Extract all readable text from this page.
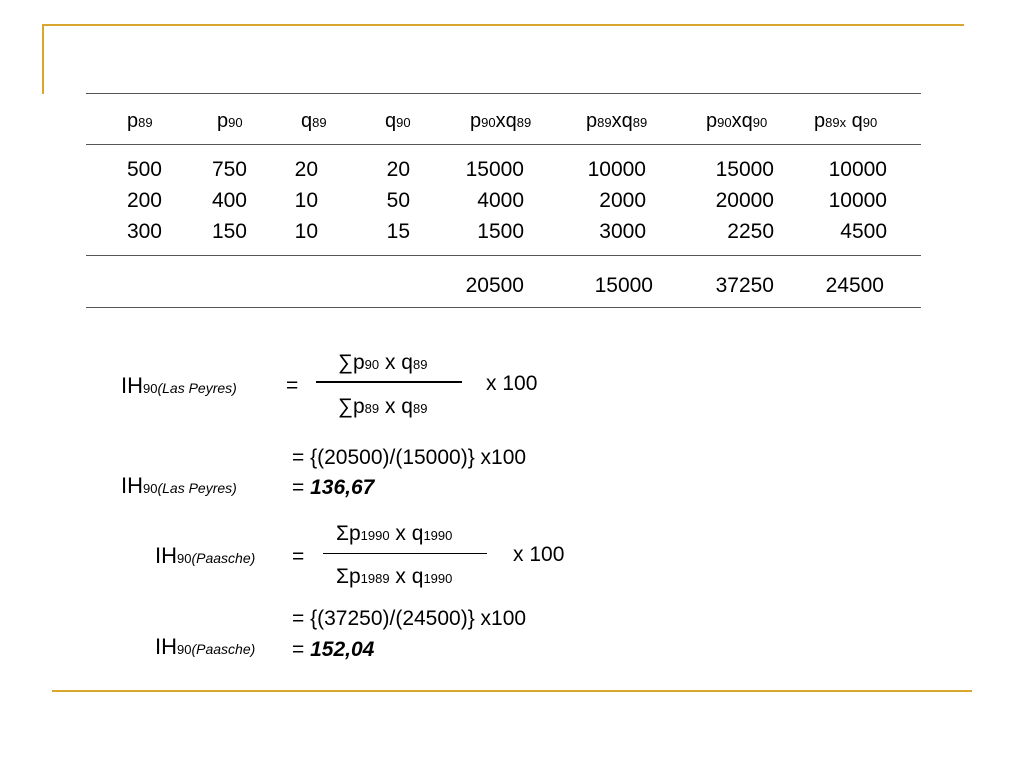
p89	p90	q89	q90	p90xq89	p89xq89	p90xq90 p89x q90
500 750 20	20	15000	10000	15000	10000
200 400 10	50	4000	2000	20000	10000
300 150 10	15	1500	3000	2250	4500
20500	15000	37250 24500
IH90(Las Peyres) =
∑p90 x q89
∑p89 x q89
x 100
= {(20500)/(15000)} x100
IH90(Las Peyres)	= 136,67
IH90(Paasche) =
Σp1990 x q1990
Σp1989 x q1990
x 100
= {(37250)/(24500)} x100
IH90(Paasche) = 152,04
